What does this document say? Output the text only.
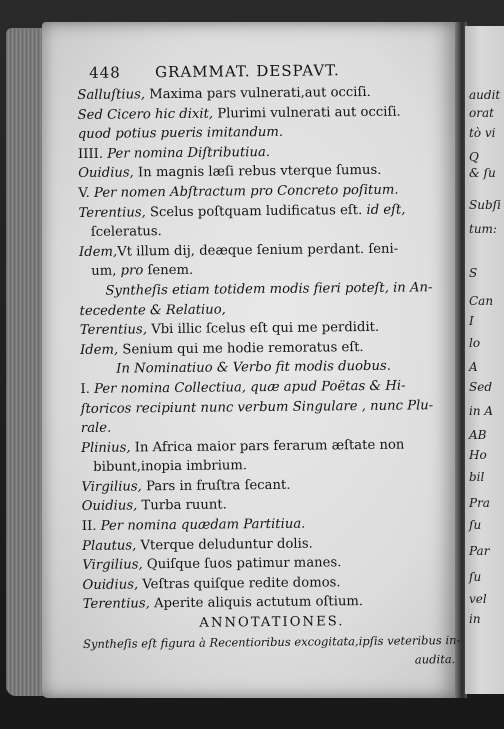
audit
orat
tò vi
Q
& ſu
Subſi
tum:
S
Can
I
lo
A
Sed
in A
AB
Ho
bil
Pra
ſu
Par
ſu
vel
in
448 GRAMMAT. DESPAVT.
Salluſtius, Maxima pars vulnerati,aut occiſi.
Sed Cicero hic dixit, Plurimi vulnerati aut occiſi.
quod potius pueris imitandum.
IIII. Per nomina Diſtributiua.
Ouidius, In magnis læſi rebus vterque ſumus.
V. Per nomen Abſtractum pro Concreto poſitum.
Terentius, Scelus poſtquam ludificatus eſt. id eſt,
ſceleratus.
Idem,Vt illum dij, deæque ſenium perdant. ſeni-
um, pro ſenem.
Syntheſis etiam totidem modis fieri poteſt, in An-
tecedente & Relatiuo,
Terentius, Vbi illic ſcelus eſt qui me perdidit.
Idem, Senium qui me hodie remoratus eſt.
In Nominatiuo & Verbo fit modis duobus.
I. Per nomina Collectiua, quæ apud Poëtas & Hi-
ſtoricos recipiunt nunc verbum Singulare , nunc Plu-
rale.
Plinius, In Africa maior pars ferarum æſtate non
bibunt,inopia imbrium.
Virgilius, Pars in fruſtra ſecant.
Ouidius, Turba ruunt.
II. Per nomina quædam Partitiua.
Plautus, Vterque deluduntur dolis.
Virgilius, Quiſque ſuos patimur manes.
Ouidius, Veſtras quiſque redite domos.
Terentius, Aperite aliquis actutum oſtium.
ANNOTATIONES.
Syntheſis eſt figura à Recentioribus excogitata,ipſis veteribus in-
audita.
